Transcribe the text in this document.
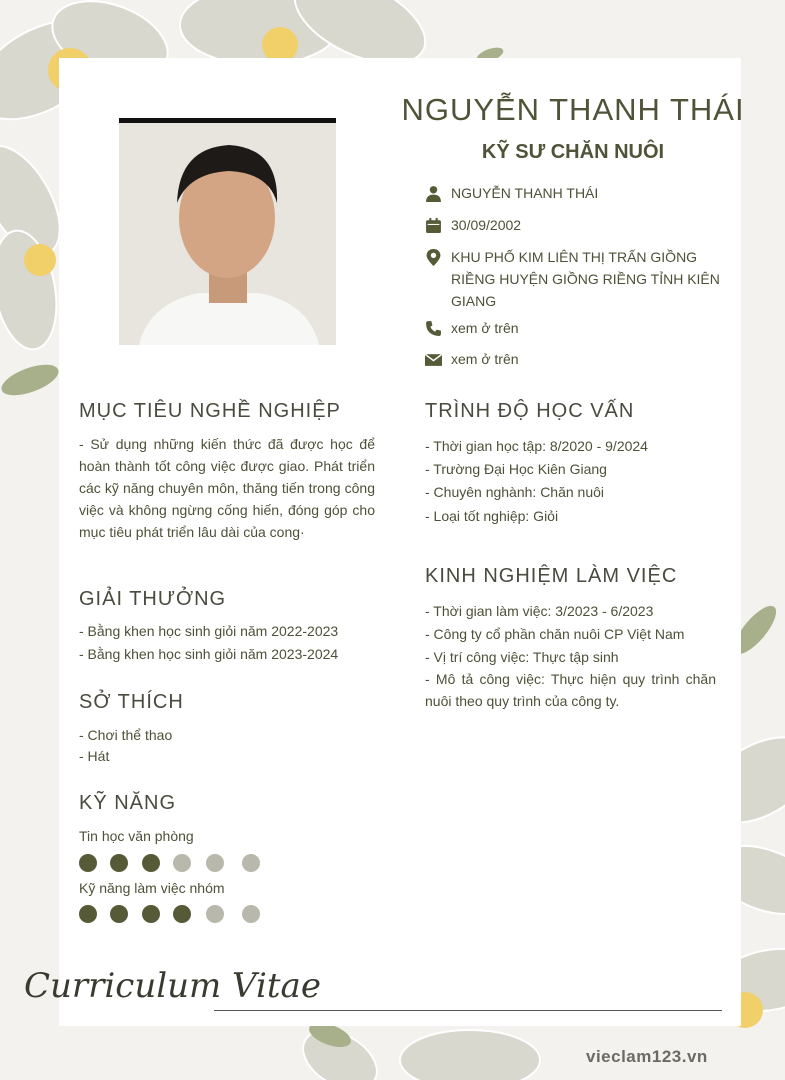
NGUYỄN THANH THÁI
KỸ SƯ CHĂN NUÔI
NGUYỄN THANH THÁI
30/09/2002
KHU PHỐ KIM LIÊN THỊ TRẤN GIỒNG RIỀNG HUYỆN GIỒNG RIỀNG TỈNH KIÊN GIANG
xem ở trên
xem ở trên
MỤC TIÊU NGHỀ NGHIỆP
- Sử dụng những kiến thức đã được học để hoàn thành tốt công việc được giao. Phát triển các kỹ năng chuyên môn, thăng tiến trong công việc và không ngừng cống hiến, đóng góp cho mục tiêu phát triển lâu dài của cong·
GIẢI THƯỞNG
- Bằng khen học sinh giỏi năm 2022-2023
- Bằng khen học sinh giỏi năm 2023-2024
SỞ THÍCH
- Chơi thể thao
- Hát
KỸ NĂNG
Tin học văn phòng
Kỹ năng làm việc nhóm
TRÌNH ĐỘ HỌC VẤN
- Thời gian học tập: 8/2020 - 9/2024
- Trường Đại Học Kiên Giang
- Chuyên nghành: Chăn nuôi
- Loại tốt nghiệp: Giỏi
KINH NGHIỆM LÀM VIỆC
- Thời gian làm việc: 3/2023 - 6/2023
- Công ty cổ phần chăn nuôi CP Việt Nam
- Vị trí công việc: Thực tập sinh
- Mô tả công việc: Thực hiện quy trình chăn nuôi theo quy trình của công ty.
Curriculum Vitae
vieclam123.vn
